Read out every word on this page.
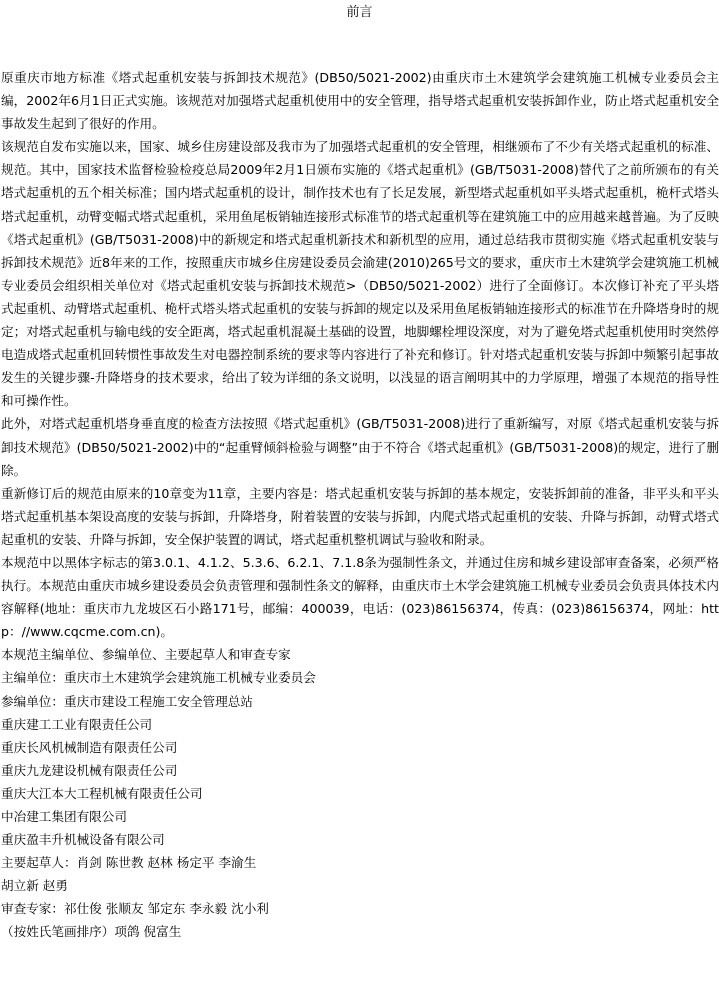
前言

原重庆市地方标准《塔式起重机安装与拆卸技术规范》(DB50/5021-2002)由重庆市土木建筑学会建筑施工机械专业委员会主编，2002年6月1日正式实施。该规范对加强塔式起重机使用中的安全管理，指导塔式起重机安装拆卸作业，防止塔式起重机安全事故发生起到了很好的作用。

该规范自发布实施以来，国家、城乡住房建设部及我市为了加强塔式起重机的安全管理，相继颁布了不少有关塔式起重机的标准、规范。其中，国家技术监督检验检疫总局2009年2月1日颁布实施的《塔式起重机》(GB/T5031-2008)替代了之前所颁布的有关塔式起重机的五个相关标准；国内塔式起重机的设计，制作技术也有了长足发展，新型塔式起重机如平头塔式起重机，桅杆式塔头塔式起重机，动臂变幅式塔式起重机，采用鱼尾板销轴连接形式标准节的塔式起重机等在建筑施工中的应用越来越普遍。为了反映《塔式起重机》(GB/T5031-2008)中的新规定和塔式起重机新技术和新机型的应用，通过总结我市贯彻实施《塔式起重机安装与拆卸技术规范》近8年来的工作，按照重庆市城乡住房建设委员会渝建(2010)265号文的要求，重庆市土木建筑学会建筑施工机械专业委员会组织相关单位对《塔式起重机安装与拆卸技术规范>（DB50/5021-2002）进行了全面修订。本次修订补充了平头塔式起重机、动臂塔式起重机、桅杆式塔头塔式起重机的安装与拆卸的规定以及采用鱼尾板销轴连接形式的标准节在升降塔身时的规定；对塔式起重机与输电线的安全距离，塔式起重机混凝土基础的设置，地脚螺栓埋设深度，对为了避免塔式起重机使用时突然停电造成塔式起重机回转惯性事故发生对电器控制系统的要求等内容进行了补充和修订。针对塔式起重机安装与拆卸中频繁引起事故发生的关键步骤-升降塔身的技术要求，给出了较为详细的条文说明，以浅显的语言阐明其中的力学原理，增强了本规范的指导性和可操作性。

此外，对塔式起重机塔身垂直度的检查方法按照《塔式起重机》(GB/T5031-2008)进行了重新编写，对原《塔式起重机安装与拆卸技术规范》(DB50/5021-2002)中的“起重臂倾斜检验与调整”由于不符合《塔式起重机》(GB/T5031-2008)的规定，进行了删除。

重新修订后的规范由原来的10章变为11章，主要内容是：塔式起重机安装与拆卸的基本规定，安装拆卸前的准备，非平头和平头塔式起重机基本架设高度的安装与拆卸，升降塔身，附着装置的安装与拆卸，内爬式塔式起重机的安装、升降与拆卸，动臂式塔式起重机的安装、升降与拆卸，安全保护装置的调试，塔式起重机整机调试与验收和附录。

本规范中以黑体字标志的第3.0.1、4.1.2、5.3.6、6.2.1、7.1.8条为强制性条文，并通过住房和城乡建设部审查备案，必须严格执行。本规范由重庆市城乡建设委员会负责管理和强制性条文的解释，由重庆市土木学会建筑施工机械专业委员会负责具体技术内容解释(地址：重庆市九龙坡区石小路171号，邮编：400039，电话：(023)86156374，传真：(023)86156374，网址：http：//www.cqcme.com.cn)。

本规范主编单位、参编单位、主要起草人和审查专家

主编单位：重庆市土木建筑学会建筑施工机械专业委员会

参编单位：重庆市建设工程施工安全管理总站

重庆建工工业有限责任公司

重庆长风机械制造有限责任公司

重庆九龙建设机械有限责任公司

重庆大江本大工程机械有限责任公司

中冶建工集团有限公司

重庆盈丰升机械设备有限公司

主要起草人：肖剑 陈世教 赵林 杨定平 李渝生

胡立新 赵勇

审查专家：祁仕俊 张顺友 邹定东 李永毅 沈小利

（按姓氏笔画排序）项鸽 倪富生
